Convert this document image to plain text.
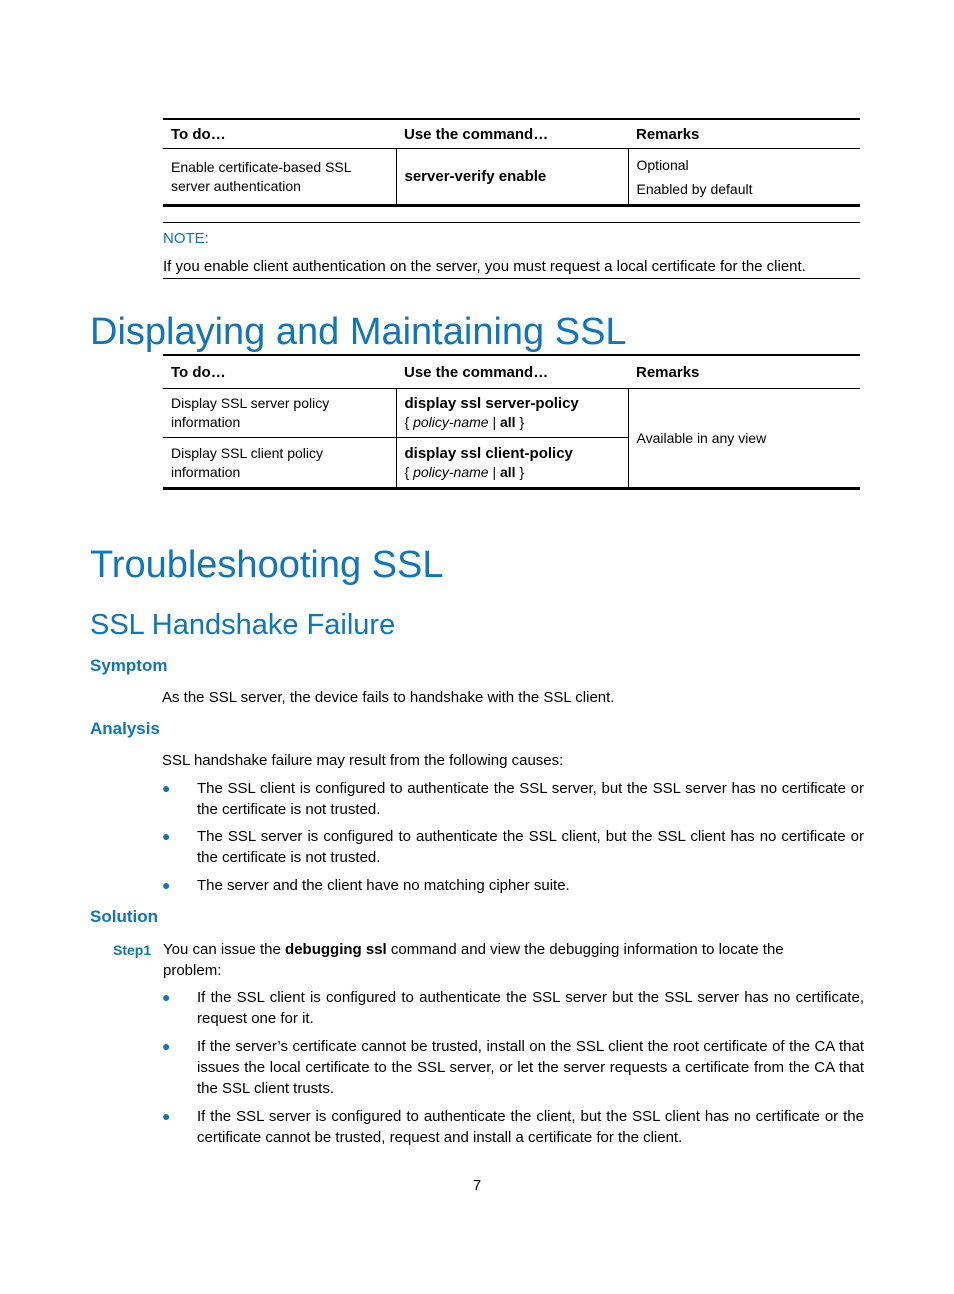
To do…	Use the command…	Remarks
Enable certificate-based SSL server authentication	server-verify enable	Optional
Enabled by default
NOTE:
If you enable client authentication on the server, you must request a local certificate for the client.
Displaying and Maintaining SSL
To do…	Use the command…	Remarks
Display SSL server policy information	display ssl server-policy
{ policy-name | all }	Available in any view
Display SSL client policy information	display ssl client-policy
{ policy-name | all }	
Troubleshooting SSL
SSL Handshake Failure
Symptom
As the SSL server, the device fails to handshake with the SSL client.
Analysis
SSL handshake failure may result from the following causes:
● The SSL client is configured to authenticate the SSL server, but the SSL server has no certificate or the certificate is not trusted.
● The SSL server is configured to authenticate the SSL client, but the SSL client has no certificate or the certificate is not trusted.
● The server and the client have no matching cipher suite.
Solution
Step1 You can issue the debugging ssl command and view the debugging information to locate the problem:
● If the SSL client is configured to authenticate the SSL server but the SSL server has no certificate, request one for it.
● If the server’s certificate cannot be trusted, install on the SSL client the root certificate of the CA that issues the local certificate to the SSL server, or let the server requests a certificate from the CA that the SSL client trusts.
● If the SSL server is configured to authenticate the client, but the SSL client has no certificate or the certificate cannot be trusted, request and install a certificate for the client.
7
